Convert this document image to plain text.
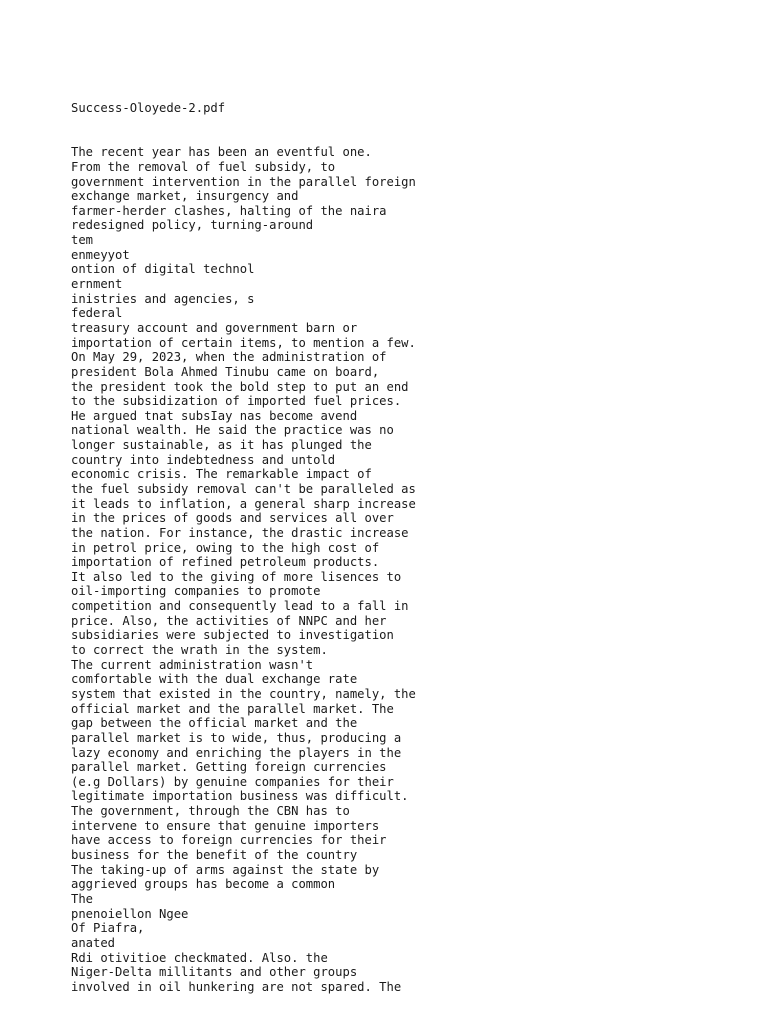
Success-Oloyede-2.pdf

The recent year has been an eventful one.
From the removal of fuel subsidy, to
government intervention in the parallel foreign
exchange market, insurgency and
farmer-herder clashes, halting of the naira
redesigned policy, turning-around
tem
enmeyyot
ontion of digital technol
ernment
inistries and agencies, s
federal
treasury account and government barn or
importation of certain items, to mention a few.
On May 29, 2023, when the administration of
president Bola Ahmed Tinubu came on board,
the president took the bold step to put an end
to the subsidization of imported fuel prices.
He argued tnat subsIay nas become avend
national wealth. He said the practice was no
longer sustainable, as it has plunged the
country into indebtedness and untold
economic crisis. The remarkable impact of
the fuel subsidy removal can't be paralleled as
it leads to inflation, a general sharp increase
in the prices of goods and services all over
the nation. For instance, the drastic increase
in petrol price, owing to the high cost of
importation of refined petroleum products.
It also led to the giving of more lisences to
oil-importing companies to promote
competition and consequently lead to a fall in
price. Also, the activities of NNPC and her
subsidiaries were subjected to investigation
to correct the wrath in the system.
The current administration wasn't
comfortable with the dual exchange rate
system that existed in the country, namely, the
official market and the parallel market. The
gap between the official market and the
parallel market is to wide, thus, producing a
lazy economy and enriching the players in the
parallel market. Getting foreign currencies
(e.g Dollars) by genuine companies for their
legitimate importation business was difficult.
The government, through the CBN has to
intervene to ensure that genuine importers
have access to foreign currencies for their
business for the benefit of the country
The taking-up of arms against the state by
aggrieved groups has become a common
The
pnenoiellon Ngee
Of Piafra,
anated
Rdi otivitioe checkmated. Also. the
Niger-Delta millitants and other groups
involved in oil hunkering are not spared. The
